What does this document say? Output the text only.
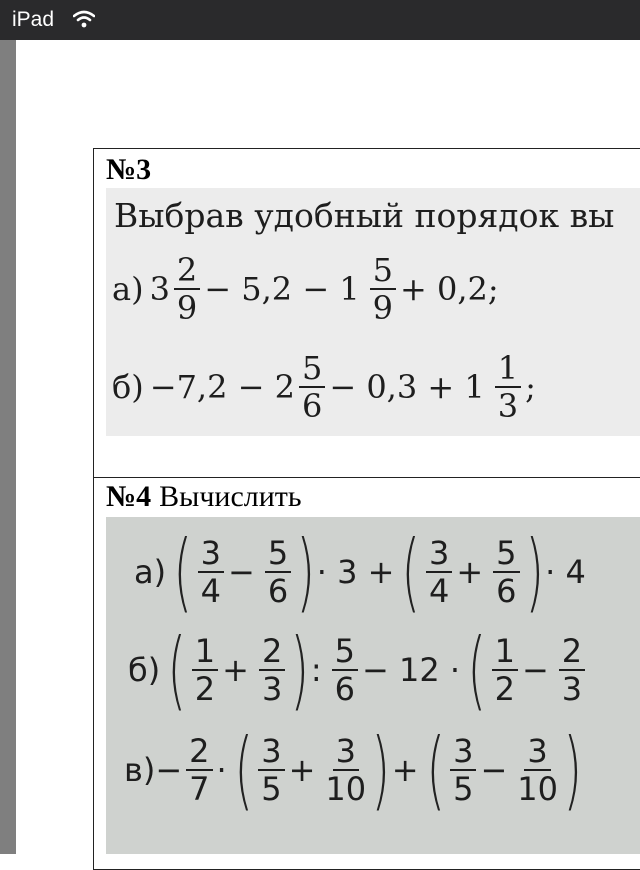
iPad
№3
Выбрав удобный порядок вы
а) $3 \frac{2}{9} - 5,2 - 1 \frac{5}{9} + 0,2$;
$б) -7,2 - 2 \frac{5}{6} - 0,3 + 1 \frac{1}{3}$ ;
№4 Вычислить
а) ( $\frac{3}{4} - \frac{5}{6}$ ) · 3 + ( $\frac{3}{4} + \frac{5}{6}$ ) · 4
б) ( $\frac{1}{2} + \frac{2}{3}$ ) : $\frac{5}{6} - 12$ · ( $\frac{1}{2} - \frac{2}{3}$
$в) - \frac{2}{7}$ · ( $\frac{3}{5} + \frac{3}{10}$ ) + ( $\frac{3}{5} - \frac{3}{10}$ )
